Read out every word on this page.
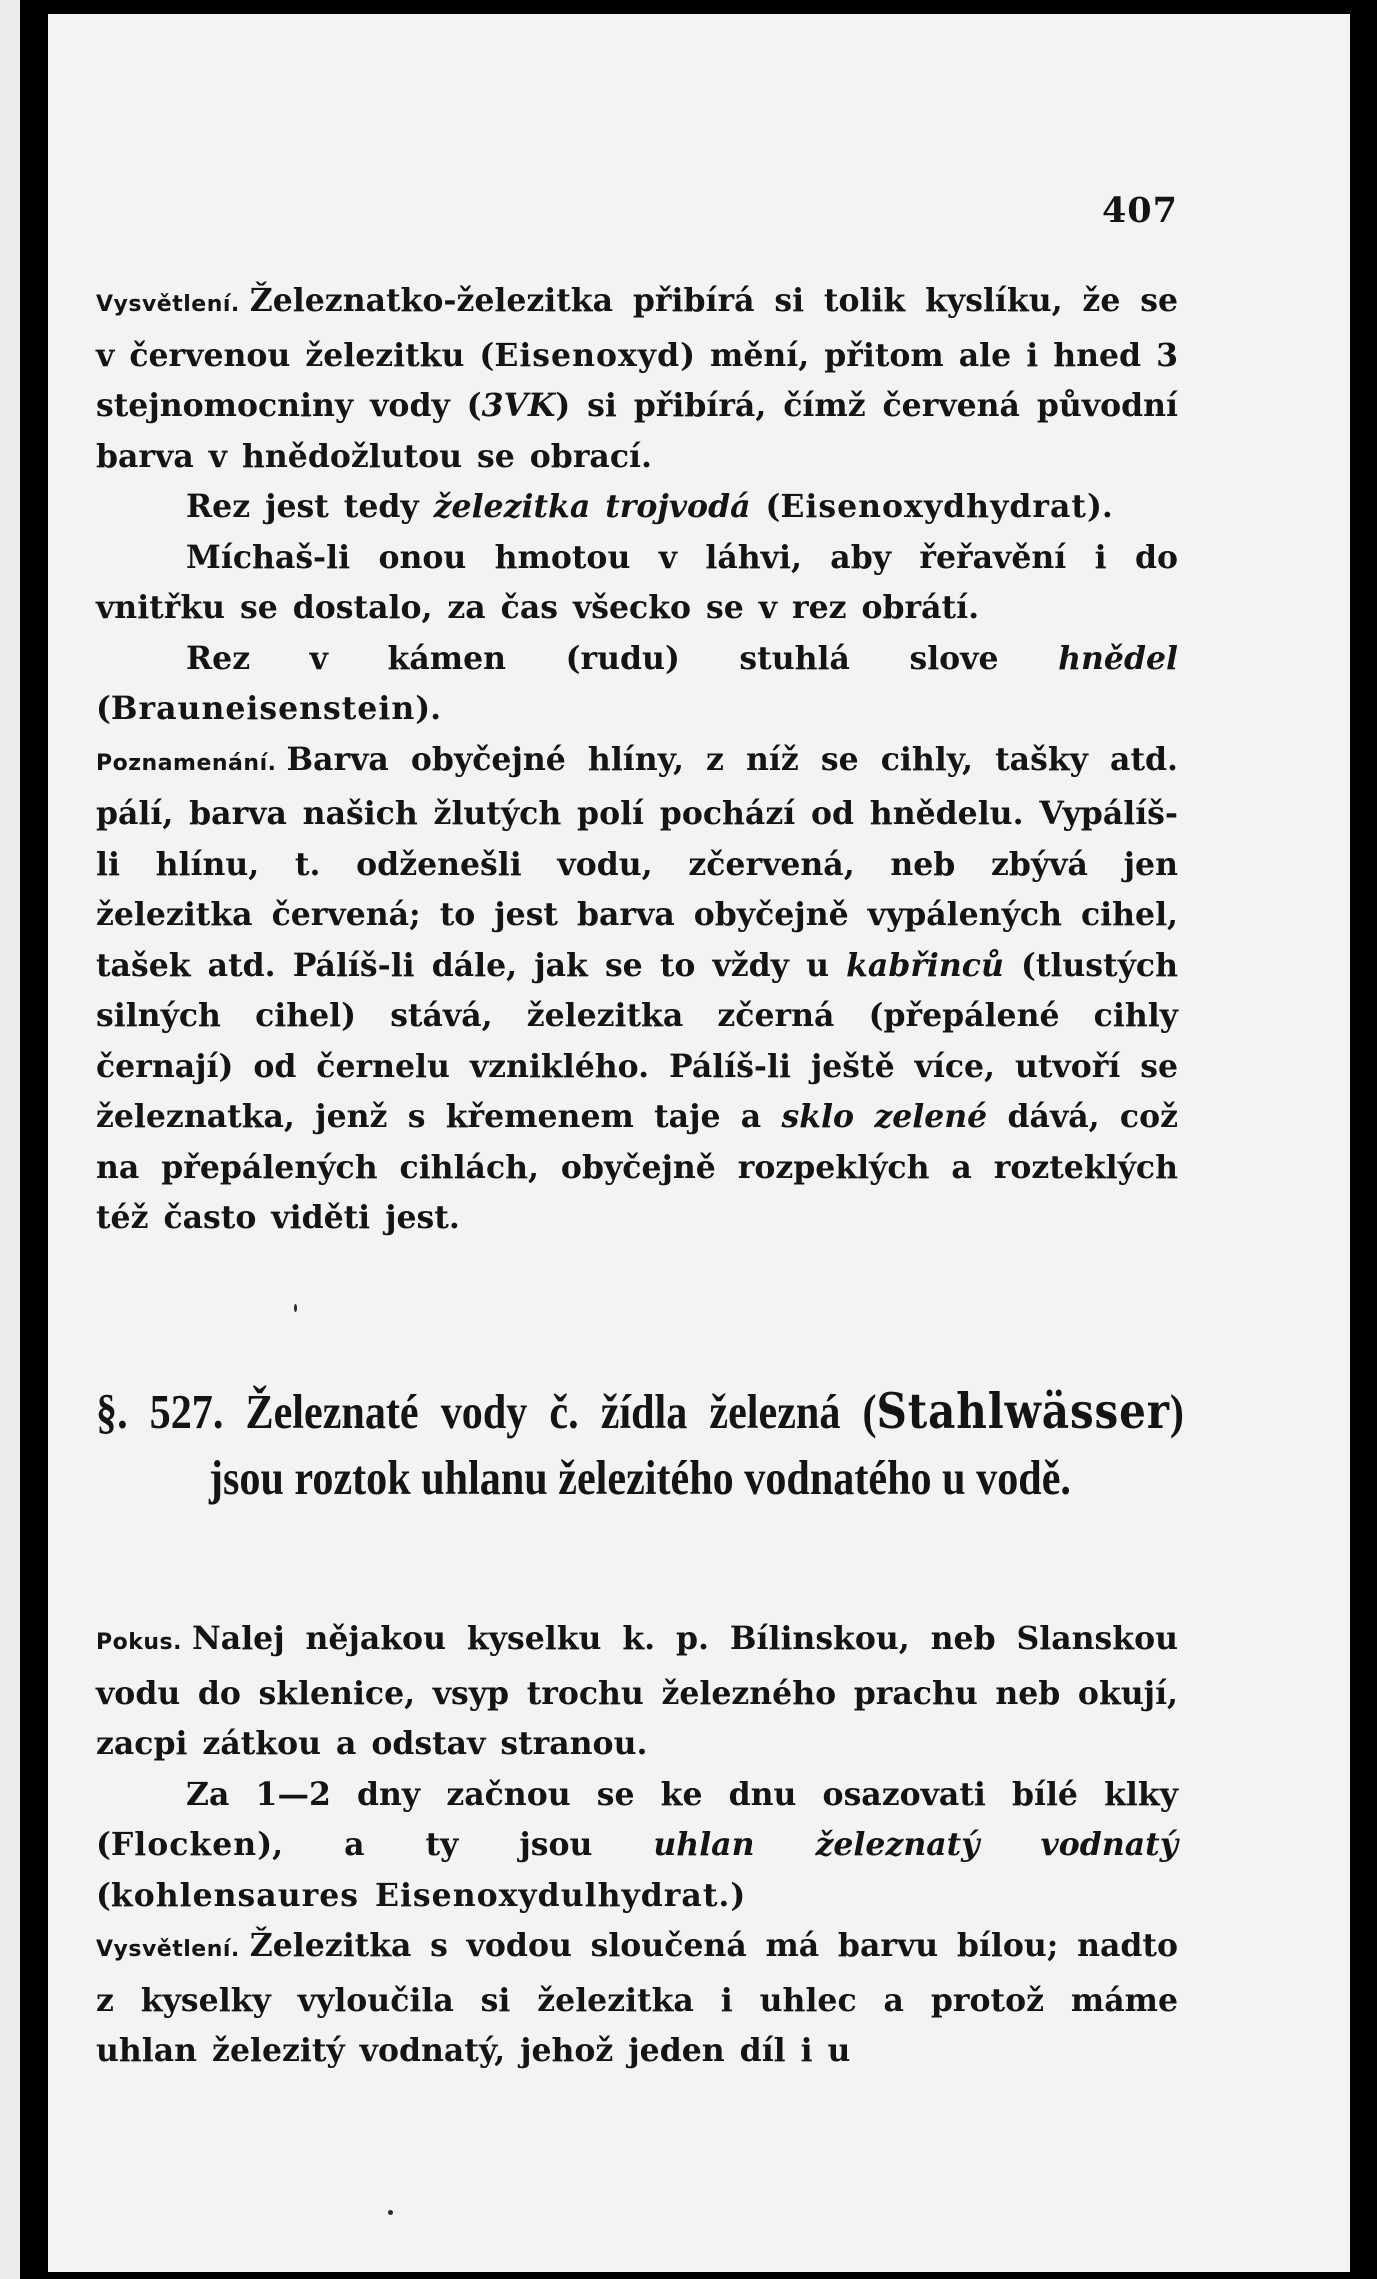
407

Vysvětlení. Železnatko-železitka přibírá si tolik kyslíku, že se v červenou železitku (Eisenoxyd) mění, přitom ale i hned 3 stejnomocniny vody (3VK) si přibírá, čímž červená původní barva v hnědožlutou se obrací.

Rez jest tedy železitka trojvodá (Eisenoxydhydrat).

Míchaš-li onou hmotou v láhvi, aby řeřavění i do vnitřku se dostalo, za čas všecko se v rez obrátí.

Rez v kámen (rudu) stuhlá slove hnědel (Brauneisenstein).

Poznamenání. Barva obyčejné hlíny, z níž se cihly, tašky atd. pálí, barva našich žlutých polí pochází od hnědelu. Vypálíš-li hlínu, t. odženešli vodu, zčervená, neb zbývá jen železitka červená; to jest barva obyčejně vypálených cihel, tašek atd. Pálíš-li dále, jak se to vždy u kabřinců (tlustých silných cihel) stává, železitka zčerná (přepálené cihly černají) od černelu vzniklého. Pálíš-li ještě více, utvoří se železnatka, jenž s křemenem taje a sklo zelené dává, což na přepálených cihlách, obyčejně rozpeklých a rozteklých též často viděti jest.

§. 527. Železnaté vody č. žídla železná (Stahlwässer) jsou roztok uhlanu železitého vodnatého u vodě.

Pokus. Nalej nějakou kyselku k. p. Bílinskou, neb Slanskou vodu do sklenice, vsyp trochu železného prachu neb okují, zacpi zátkou a odstav stranou.

Za 1—2 dny začnou se ke dnu osazovati bílé klky (Flocken), a ty jsou uhlan železnatý vodnatý (kohlensaures Eisenoxydulhydrat.)

Vysvětlení. Železitka s vodou sloučená má barvu bílou; nadto z kyselky vyloučila si železitka i uhlec a protož máme uhlan železitý vodnatý, jehož jeden díl i u
